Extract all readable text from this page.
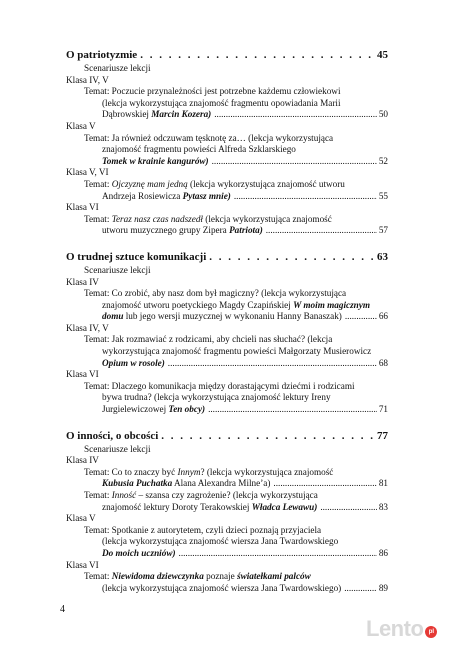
O patriotyzmie . . .	45
Scenariusze lekcji
Klasa IV, V
Temat: Poczucie przynależności jest potrzebne każdemu człowiekowi
(lekcja wykorzystująca znajomość fragmentu opowiadania Marii
Dąbrowskiej Marcin Kozera) .....	50
Klasa V
Temat: Ja również odczuwam tęsknotę za… (lekcja wykorzystująca
znajomość fragmentu powieści Alfreda Szklarskiego
Tomek w krainie kangurów) .....	52
Klasa V, VI
Temat: Ojczyznę mam jedną (lekcja wykorzystująca znajomość utworu
Andrzeja Rosiewicza Pytasz mnie) .....	55
Klasa VI
Temat: Teraz nasz czas nadszedł (lekcja wykorzystująca znajomość
utworu muzycznego grupy Zipera Patriota) .....	57
O trudnej sztuce komunikacji . . .	63
Scenariusze lekcji
Klasa IV
Temat: Co zrobić, aby nasz dom był magiczny? (lekcja wykorzystująca
znajomość utworu poetyckiego Magdy Czapińskiej W moim magicznym
domu lub jego wersji muzycznej w wykonaniu Hanny Banaszak) .....	66
Klasa IV, V
Temat: Jak rozmawiać z rodzicami, aby chcieli nas słuchać? (lekcja
wykorzystująca znajomość fragmentu powieści Małgorzaty Musierowicz
Opium w rosole) .....	68
Klasa VI
Temat: Dlaczego komunikacja między dorastającymi dziećmi i rodzicami
bywa trudna? (lekcja wykorzystująca znajomość lektury Ireny
Jurgielewiczowej Ten obcy) .....	71
O inności, o obcości . . .	77
Scenariusze lekcji
Klasa IV
Temat: Co to znaczy być Innym? (lekcja wykorzystująca znajomość
Kubusia Puchatka Alana Alexandra Milne’a) .....	81
Temat: Inność – szansa czy zagrożenie? (lekcja wykorzystująca
znajomość lektury Doroty Terakowskiej Władca Lewawu) .....	83
Klasa V
Temat: Spotkanie z autorytetem, czyli dzieci poznają przyjaciela
(lekcja wykorzystująca znajomość wiersza Jana Twardowskiego
Do moich uczniów) .....	86
Klasa VI
Temat: Niewidoma dziewczynka poznaje światełkami palców
(lekcja wykorzystująca znajomość wiersza Jana Twardowskiego) .....	89
4
Lento pl
